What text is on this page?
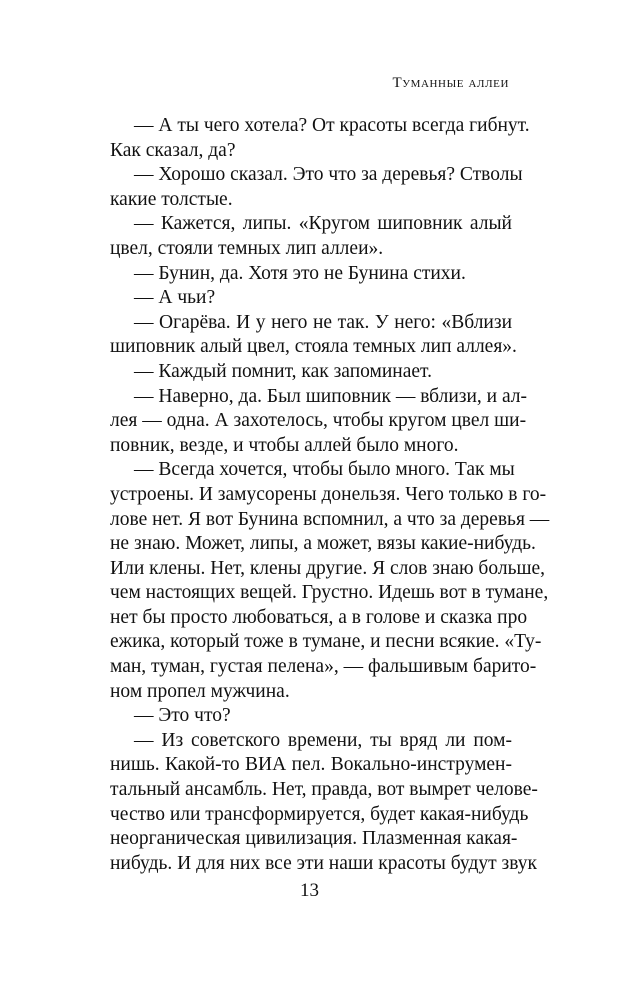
Туманные аллеи
— А ты чего хотела? От красоты всегда гибнут.
Как сказал, да?
— Хорошо сказал. Это что за деревья? Стволы
какие толстые.
— Кажется, липы. «Кругом шиповник алый
цвел, стояли темных лип аллеи».
— Бунин, да. Хотя это не Бунина стихи.
— А чьи?
— Огарёва. И у него не так. У него: «Вблизи
шиповник алый цвел, стояла темных лип аллея».
— Каждый помнит, как запоминает.
— Наверно, да. Был шиповник — вблизи, и ал-
лея — одна. А захотелось, чтобы кругом цвел ши-
повник, везде, и чтобы аллей было много.
— Всегда хочется, чтобы было много. Так мы
устроены. И замусорены донельзя. Чего только в го-
лове нет. Я вот Бунина вспомнил, а что за деревья —
не знаю. Может, липы, а может, вязы какие-нибудь.
Или клены. Нет, клены другие. Я слов знаю больше,
чем настоящих вещей. Грустно. Идешь вот в тумане,
нет бы просто любоваться, а в голове и сказка про
ежика, который тоже в тумане, и песни всякие. «Ту-
ман, туман, густая пелена», — фальшивым барито-
ном пропел мужчина.
— Это что?
— Из советского времени, ты вряд ли пом-
нишь. Какой-то ВИА пел. Вокально-инструмен-
тальный ансамбль. Нет, правда, вот вымрет челове-
чество или трансформируется, будет какая-нибудь
неорганическая цивилизация. Плазменная какая-
нибудь. И для них все эти наши красоты будут звук
13
